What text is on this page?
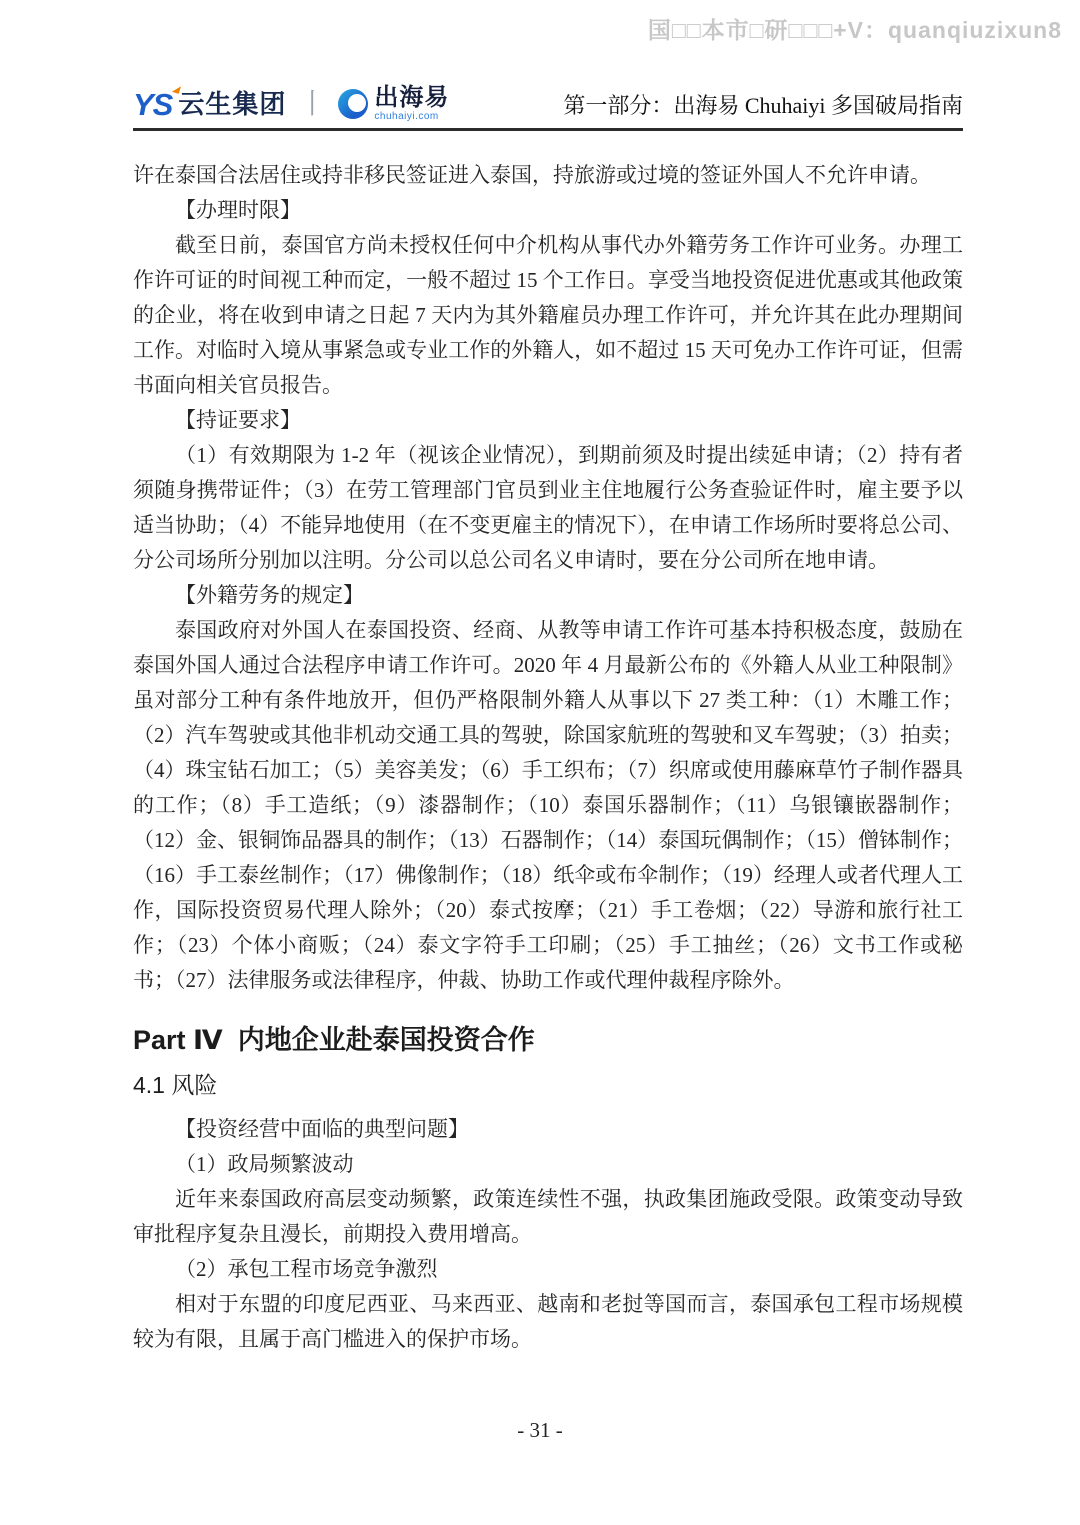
国□□本市□研□□□+V：quanqiuzixun8
YS 云生集团 丨 出海易
chuhaiyi.com	第一部分：出海易 Chuhaiyi 多国破局指南

许在泰国合法居住或持非移民签证进入泰国，持旅游或过境的签证外国人不允许申请。

【办理时限】

截至日前，泰国官方尚未授权任何中介机构从事代办外籍劳务工作许可业务。办理工作许可证的时间视工种而定，一般不超过 15 个工作日。享受当地投资促进优惠或其他政策的企业，将在收到申请之日起 7 天内为其外籍雇员办理工作许可，并允许其在此办理期间工作。对临时入境从事紧急或专业工作的外籍人，如不超过 15 天可免办工作许可证，但需书面向相关官员报告。

【持证要求】

（1）有效期限为 1-2 年（视该企业情况），到期前须及时提出续延申请；（2）持有者须随身携带证件；（3）在劳工管理部门官员到业主住地履行公务查验证件时，雇主要予以适当协助；（4）不能异地使用（在不变更雇主的情况下），在申请工作场所时要将总公司、分公司场所分别加以注明。分公司以总公司名义申请时，要在分公司所在地申请。

【外籍劳务的规定】

泰国政府对外国人在泰国投资、经商、从教等申请工作许可基本持积极态度，鼓励在泰国外国人通过合法程序申请工作许可。2020 年 4 月最新公布的《外籍人从业工种限制》虽对部分工种有条件地放开，但仍严格限制外籍人从事以下 27 类工种：（1）木雕工作；（2）汽车驾驶或其他非机动交通工具的驾驶，除国家航班的驾驶和叉车驾驶；（3）拍卖；（4）珠宝钻石加工；（5）美容美发；（6）手工织布；（7）织席或使用藤麻草竹子制作器具的工作；（8）手工造纸；（9）漆器制作；（10）泰国乐器制作；（11）乌银镶嵌器制作；（12）金、银铜饰品器具的制作；（13）石器制作；（14）泰国玩偶制作；（15）僧钵制作；（16）手工泰丝制作；（17）佛像制作；（18）纸伞或布伞制作；（19）经理人或者代理人工作，国际投资贸易代理人除外；（20）泰式按摩；（21）手工卷烟；（22）导游和旅行社工作；（23）个体小商贩；（24）泰文字符手工印刷；（25）手工抽丝；（26）文书工作或秘书；（27）法律服务或法律程序，仲裁、协助工作或代理仲裁程序除外。

Part Ⅳ  内地企业赴泰国投资合作

4.1 风险

【投资经营中面临的典型问题】

（1）政局频繁波动

近年来泰国政府高层变动频繁，政策连续性不强，执政集团施政受限。政策变动导致审批程序复杂且漫长，前期投入费用增高。

（2）承包工程市场竞争激烈

相对于东盟的印度尼西亚、马来西亚、越南和老挝等国而言，泰国承包工程市场规模较为有限，且属于高门槛进入的保护市场。

- 31 -
